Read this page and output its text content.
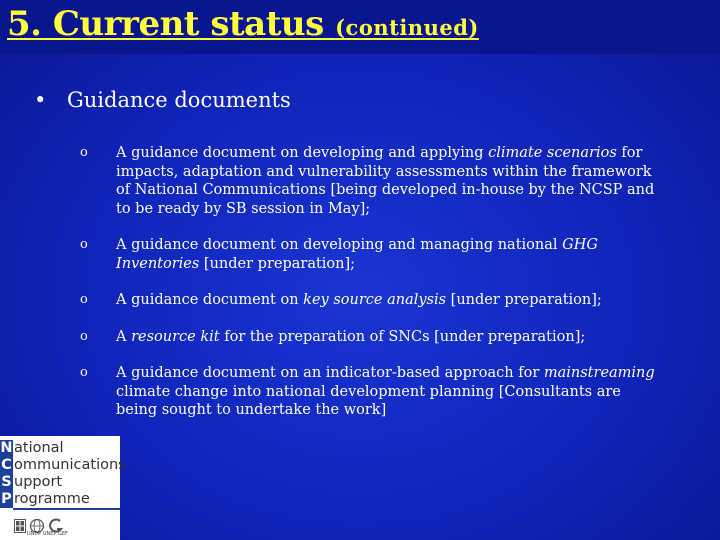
5. Current status (continued)
• Guidance documents
o A guidance document on developing and applying climate scenarios for impacts, adaptation and vulnerability assessments within the framework of National Communications [being developed in-house by the NCSP and to be ready by SB session in May];
o A guidance document on developing and managing national GHG Inventories [under preparation];
o A guidance document on key source analysis [under preparation];
o A resource kit for the preparation of SNCs [under preparation];
o A guidance document on an indicator-based approach for mainstreaming climate change into national development planning [Consultants are being sought to undertake the work]
National
C ommunications
S upport
P rogramme
UNDP UNEP GEF
